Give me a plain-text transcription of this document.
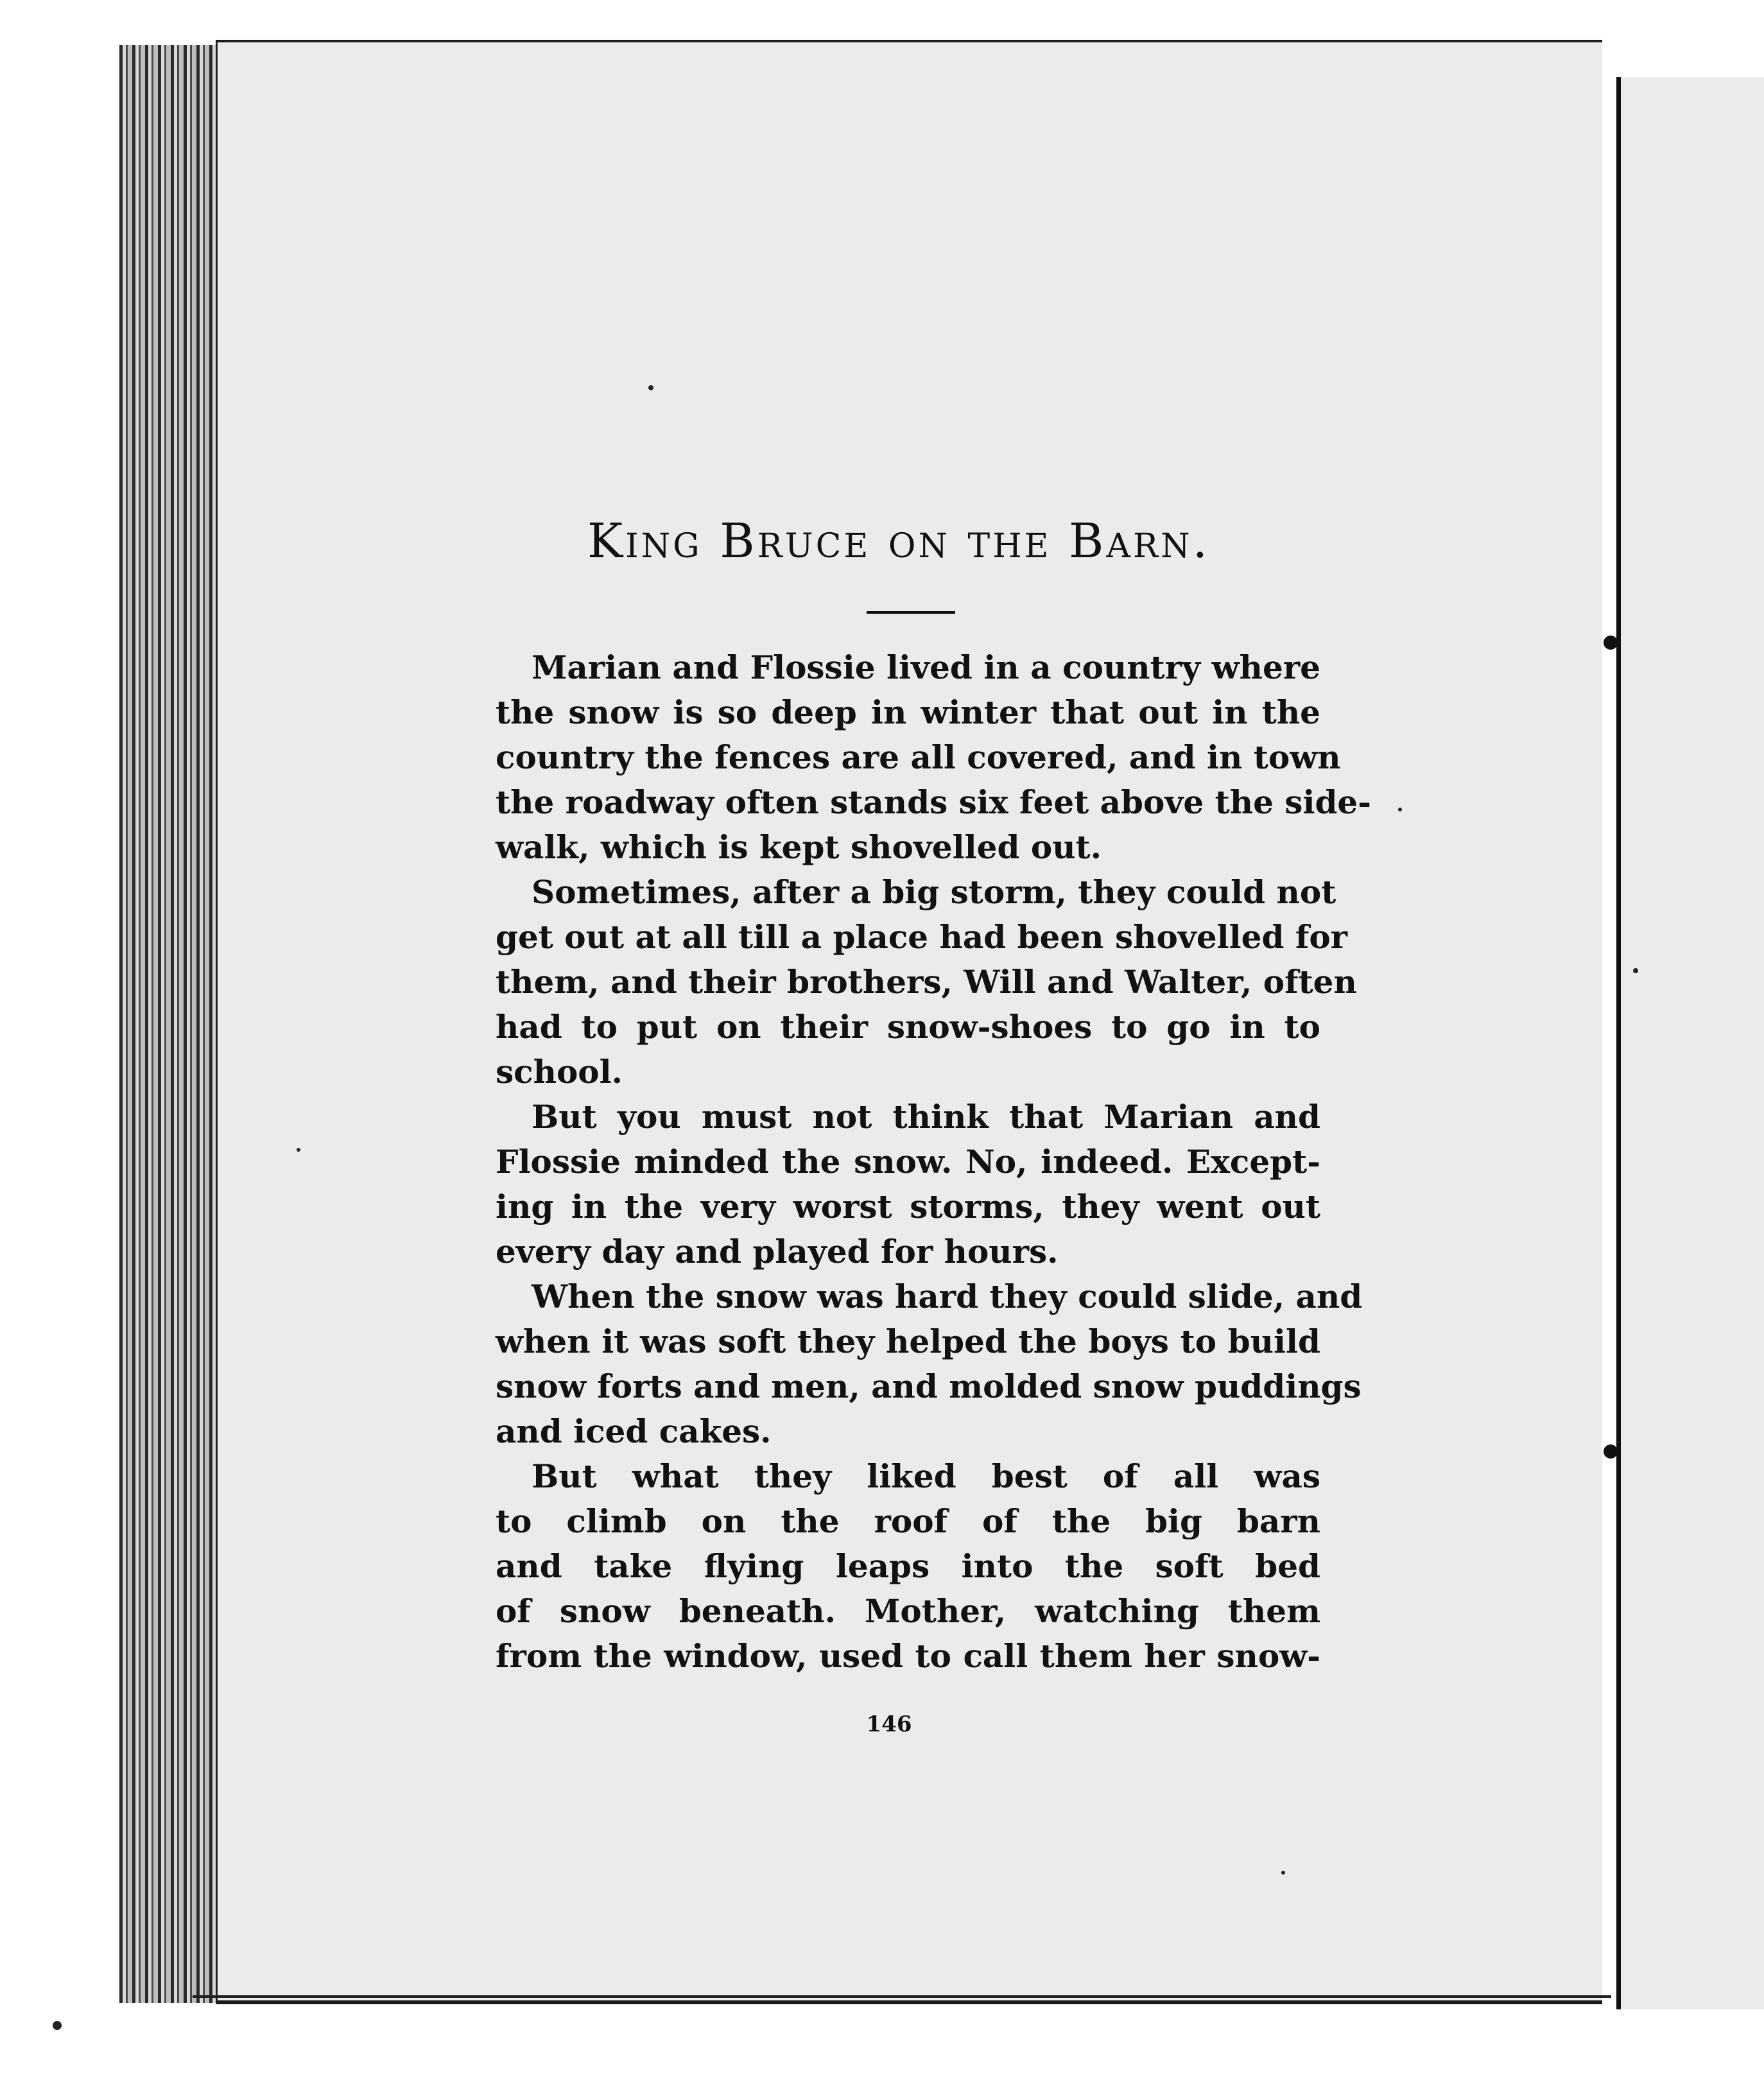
King Bruce on the Barn.

Marian and Flossie lived in a country where
the snow is so deep in winter that out in the
country the fences are all covered, and in town
the roadway often stands six feet above the side-
walk, which is kept shovelled out.

Sometimes, after a big storm, they could not
get out at all till a place had been shovelled for
them, and their brothers, Will and Walter, often
had to put on their snow-shoes to go in to
school.

But you must not think that Marian and
Flossie minded the snow. No, indeed. Except-
ing in the very worst storms, they went out
every day and played for hours.

When the snow was hard they could slide, and
when it was soft they helped the boys to build
snow forts and men, and molded snow puddings
and iced cakes.

But what they liked best of all was
to climb on the roof of the big barn
and take flying leaps into the soft bed
of snow beneath. Mother, watching them
from the window, used to call them her snow-

146
